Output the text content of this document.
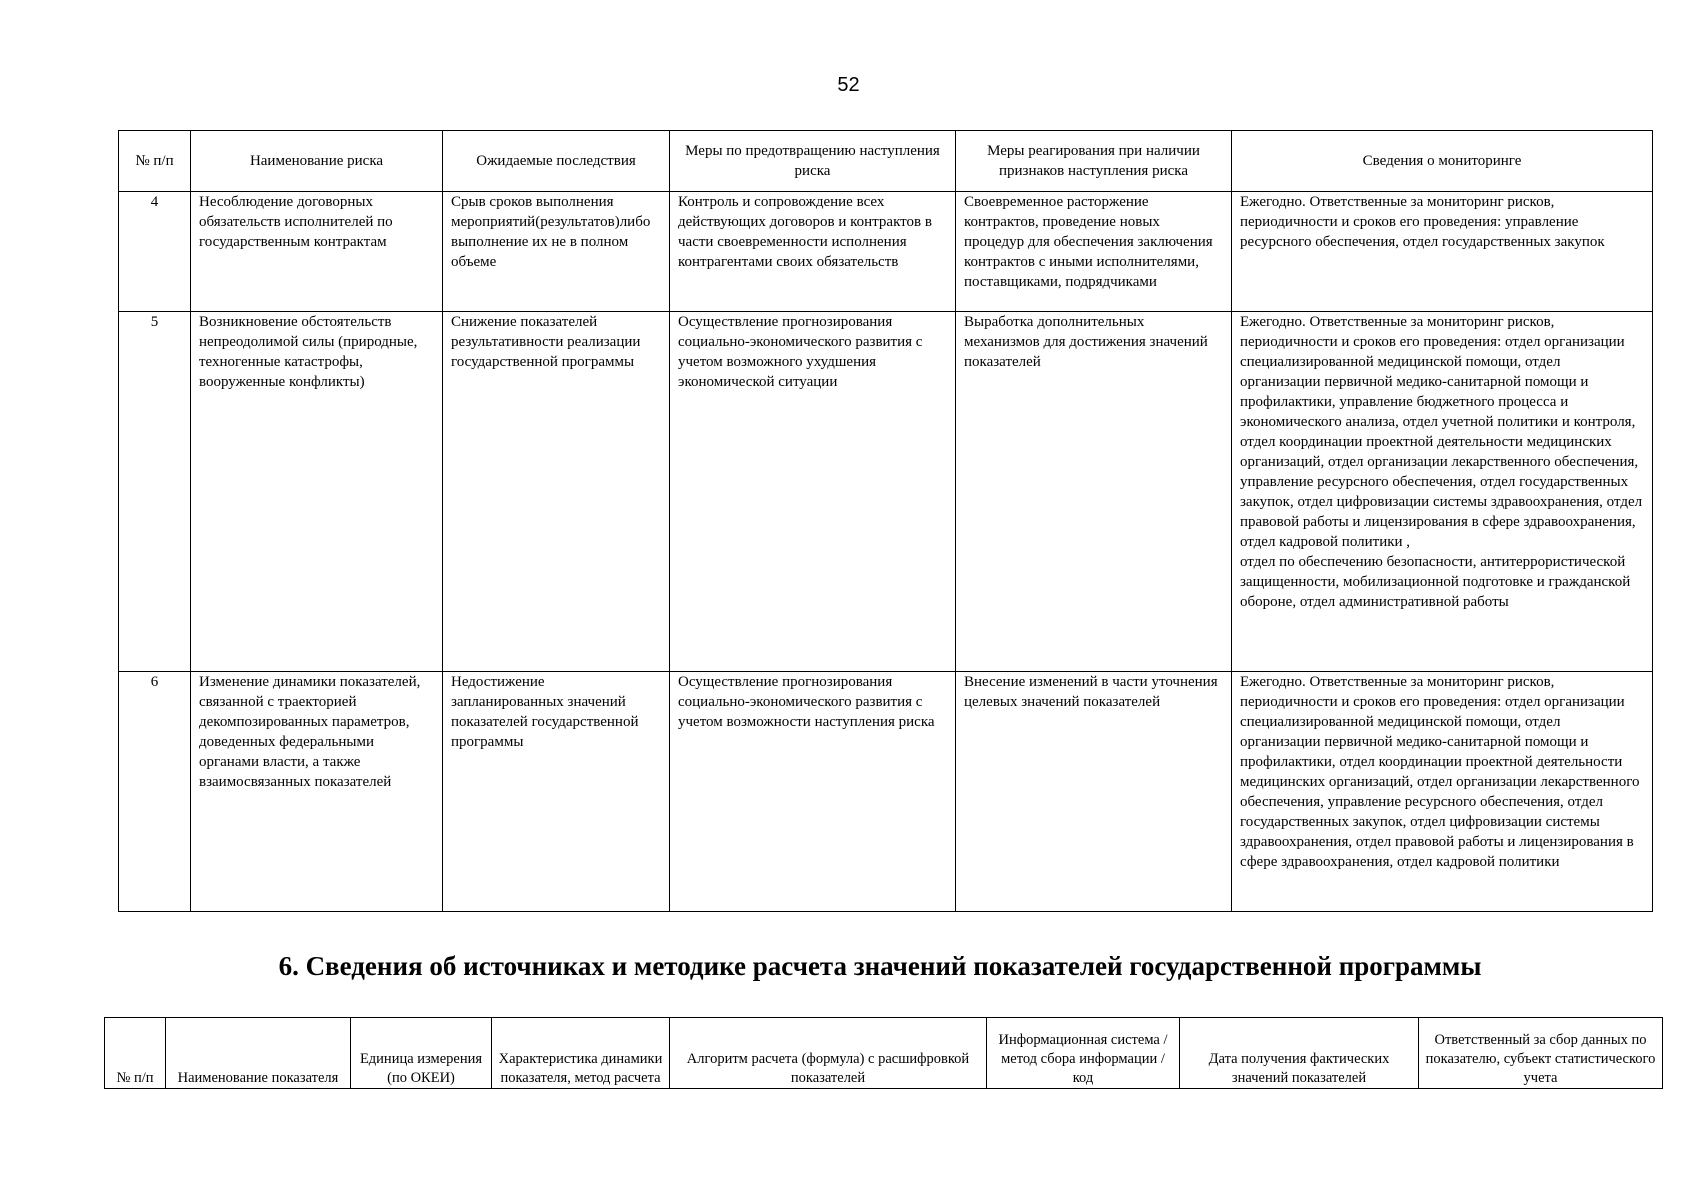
52
№ п/п	Наименование риска	Ожидаемые последствия	Меры по предотвращению наступления риска	Меры реагирования при наличии признаков наступления риска	Сведения о мониторинге
4	Несоблюдение договорных обязательств исполнителей по государственным контрактам	Срыв сроков выполнения мероприятий(результатов)либо выполнение их не в полном объеме	Контроль и сопровождение всех действующих договоров и контрактов в части своевременности исполнения контрагентами своих обязательств	Своевременное расторжение контрактов, проведение новых процедур для обеспечения заключения контрактов с иными исполнителями, поставщиками, подрядчиками	Ежегодно. Ответственные за мониторинг рисков, периодичности и сроков его проведения: управление ресурсного обеспечения, отдел государственных закупок
5	Возникновение обстоятельств непреодолимой силы (природные, техногенные катастрофы, вооруженные конфликты)	Снижение показателей результативности реализации государственной программы	Осуществление прогнозирования социально-экономического развития с учетом возможного ухудшения экономической ситуации	Выработка дополнительных механизмов для достижения значений показателей	Ежегодно. Ответственные за мониторинг рисков, периодичности и сроков его проведения: отдел организации специализированной медицинской помощи, отдел организации первичной медико-санитарной помощи и профилактики, управление бюджетного процесса и экономического анализа, отдел учетной политики и контроля, отдел координации проектной деятельности медицинских организаций, отдел организации лекарственного обеспечения, управление ресурсного обеспечения, отдел государственных закупок, отдел цифровизации системы здравоохранения, отдел правовой работы и лицензирования в сфере здравоохранения, отдел кадровой политики ,
отдел по обеспечению безопасности, антитеррористической защищенности, мобилизационной подготовке и гражданской обороне, отдел административной работы
6	Изменение динамики показателей, связанной с траекторией декомпозированных параметров, доведенных федеральными органами власти, а также взаимосвязанных показателей	Недостижение запланированных значений показателей государственной программы	Осуществление прогнозирования социально-экономического развития с учетом возможности наступления риска	Внесение изменений в части уточнения целевых значений показателей	Ежегодно. Ответственные за мониторинг рисков, периодичности и сроков его проведения: отдел организации специализированной медицинской помощи, отдел организации первичной медико-санитарной помощи и профилактики, отдел координации проектной деятельности медицинских организаций, отдел организации лекарственного обеспечения, управление ресурсного обеспечения, отдел государственных закупок, отдел цифровизации системы здравоохранения, отдел правовой работы и лицензирования в сфере здравоохранения, отдел кадровой политики
6. Сведения об источниках и методике расчета значений показателей государственной программы
№ п/п	Наименование показателя	Единица измерения (по ОКЕИ)	Характеристика динамики показателя, метод расчета	Алгоритм расчета (формула) с расшифровкой показателей	Информационная система / метод сбора информации / код	Дата получения фактических значений показателей	Ответственный за сбор данных по показателю, субъект статистического учета
